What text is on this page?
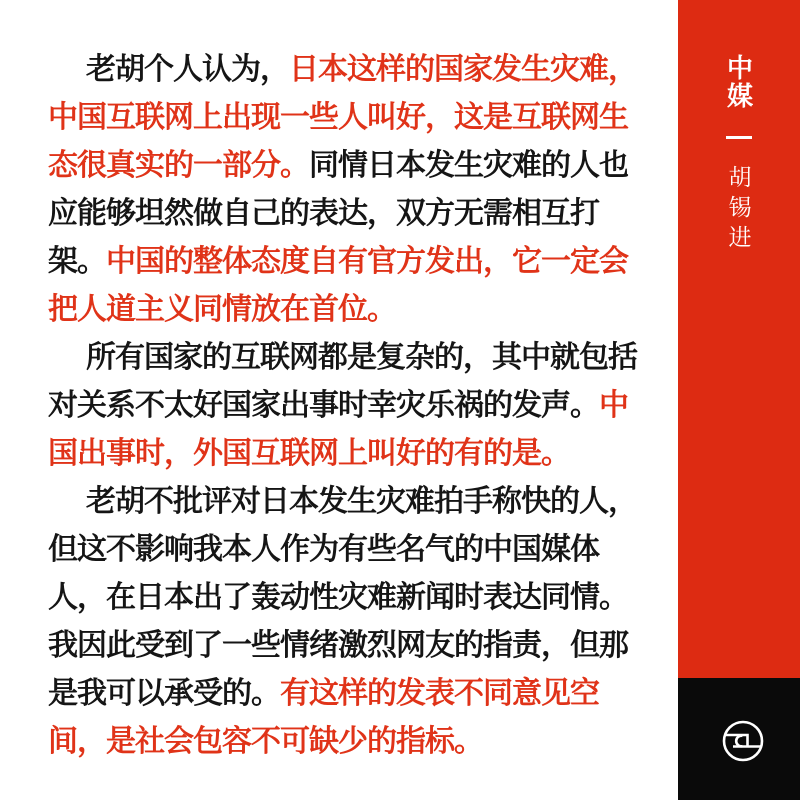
老胡个人认为，日本这样的国家发生灾难，
中国互联网上出现一些人叫好，这是互联网生
态很真实的一部分。同情日本发生灾难的人也
应能够坦然做自己的表达，双方无需相互打
架。中国的整体态度自有官方发出，它一定会
把人道主义同情放在首位。
所有国家的互联网都是复杂的，其中就包括
对关系不太好国家出事时幸灾乐祸的发声。中
国出事时，外国互联网上叫好的有的是。
老胡不批评对日本发生灾难拍手称快的人，
但这不影响我本人作为有些名气的中国媒体
人，在日本出了轰动性灾难新闻时表达同情。
我因此受到了一些情绪激烈网友的指责，但那
是我可以承受的。有这样的发表不同意见空
间，是社会包容不可缺少的指标。
中媒
胡锡进
